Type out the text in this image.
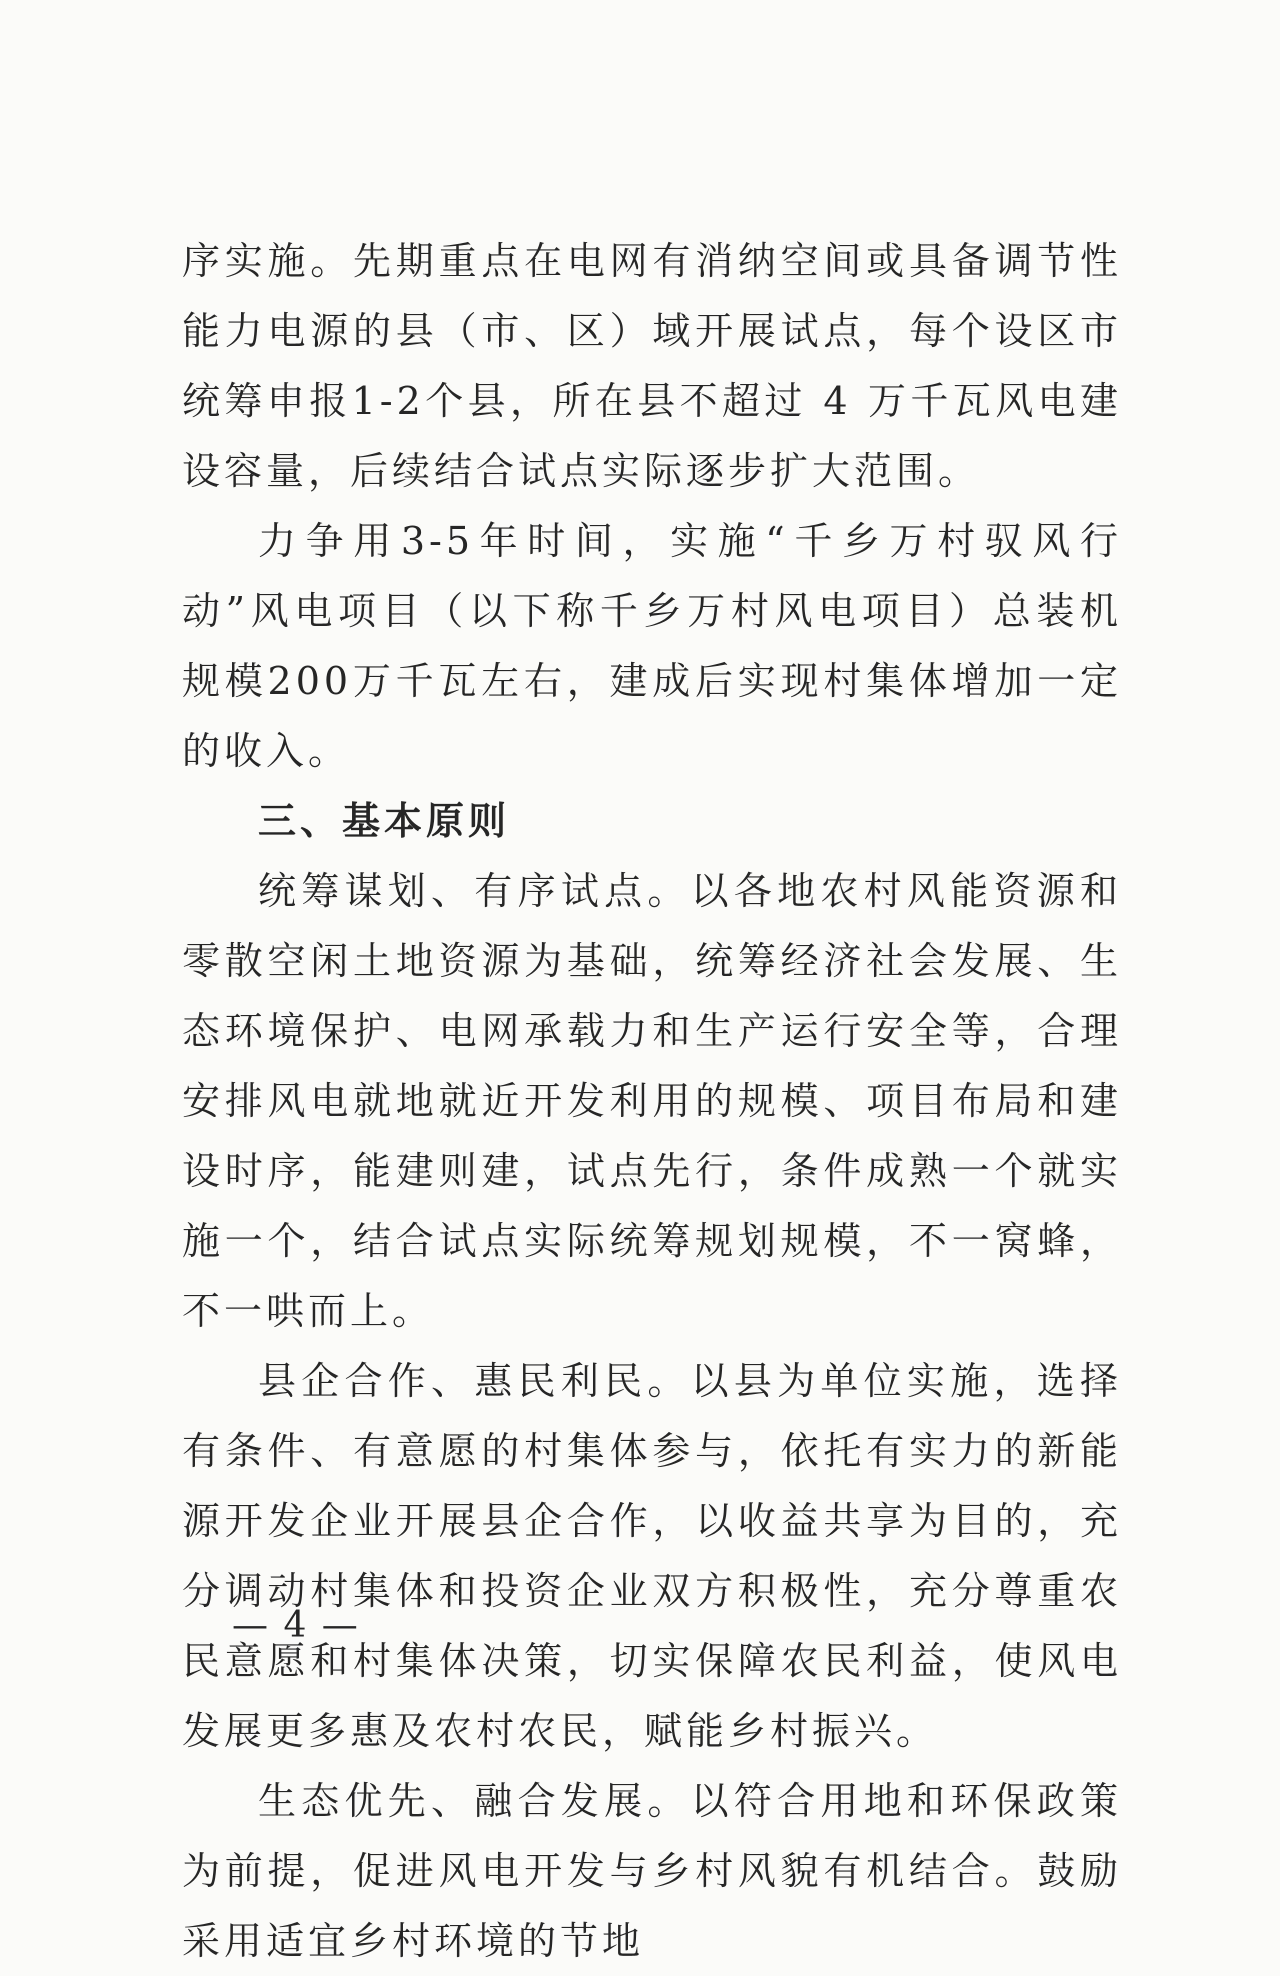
序实施。先期重点在电网有消纳空间或具备调节性能力电源的县（市、区）域开展试点，每个设区市统筹申报1-2个县，所在县不超过 4 万千瓦风电建设容量，后续结合试点实际逐步扩大范围。

力争用3-5年时间，实施“千乡万村驭风行动”风电项目（以下称千乡万村风电项目）总装机规模200万千瓦左右，建成后实现村集体增加一定的收入。

三、基本原则

统筹谋划、有序试点。以各地农村风能资源和零散空闲土地资源为基础，统筹经济社会发展、生态环境保护、电网承载力和生产运行安全等，合理安排风电就地就近开发利用的规模、项目布局和建设时序，能建则建，试点先行，条件成熟一个就实施一个，结合试点实际统筹规划规模，不一窝蜂，不一哄而上。

县企合作、惠民利民。以县为单位实施，选择有条件、有意愿的村集体参与，依托有实力的新能源开发企业开展县企合作，以收益共享为目的，充分调动村集体和投资企业双方积极性，充分尊重农民意愿和村集体决策，切实保障农民利益，使风电发展更多惠及农村农民，赋能乡村振兴。

生态优先、融合发展。以符合用地和环保政策为前提，促进风电开发与乡村风貌有机结合。鼓励采用适宜乡村环境的节地

— 4 —
